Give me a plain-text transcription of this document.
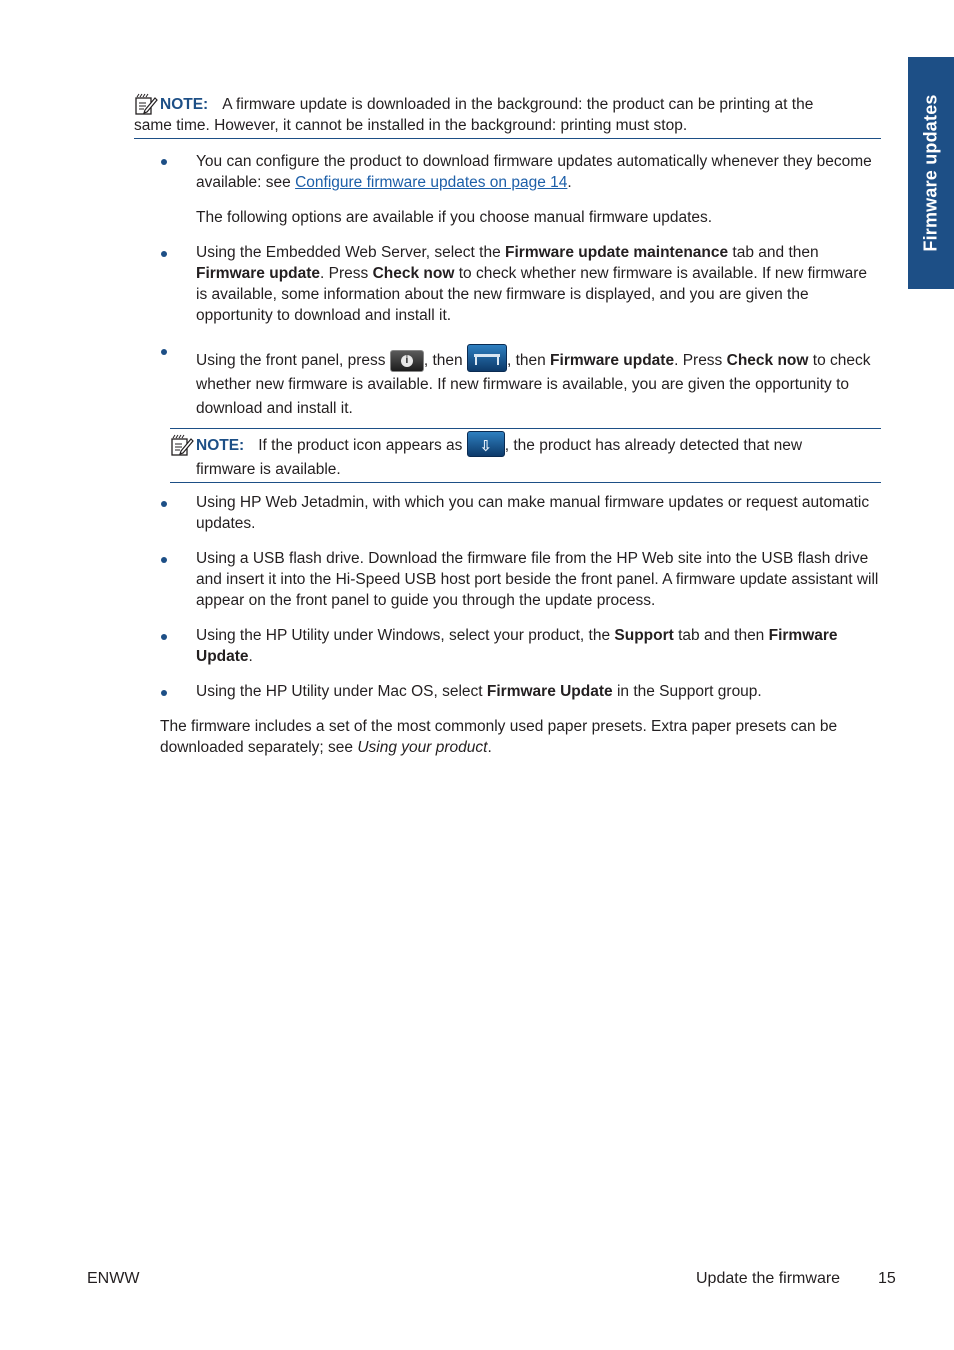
Firmware updates

NOTE: A firmware update is downloaded in the background: the product can be printing at the

same time. However, it cannot be installed in the background: printing must stop.

You can configure the product to download firmware updates automatically whenever they become available: see Configure firmware updates on page 14.
The following options are available if you choose manual firmware updates.
Using the Embedded Web Server, select the Firmware update maintenance tab and then Firmware update. Press Check now to check whether new firmware is available. If new firmware is available, some information about the new firmware is displayed, and you are given the opportunity to download and install it.
Using the front panel, press	i , then	, then Firmware update. Press Check now to check whether new firmware is available. If new firmware is available, you are given the opportunity to download and install it.

NOTE: If the product icon appears as ⇩ , the product has already detected that new

firmware is available.

Using HP Web Jetadmin, with which you can make manual firmware updates or request automatic updates.
Using a USB flash drive. Download the firmware file from the HP Web site into the USB flash drive and insert it into the Hi-Speed USB host port beside the front panel. A firmware update assistant will appear on the front panel to guide you through the update process.
Using the HP Utility under Windows, select your product, the Support tab and then Firmware Update.
Using the HP Utility under Mac OS, select Firmware Update in the Support group.
The firmware includes a set of the most commonly used paper presets. Extra paper presets can be downloaded separately; see Using your product.
ENWW	Update the firmware 15
